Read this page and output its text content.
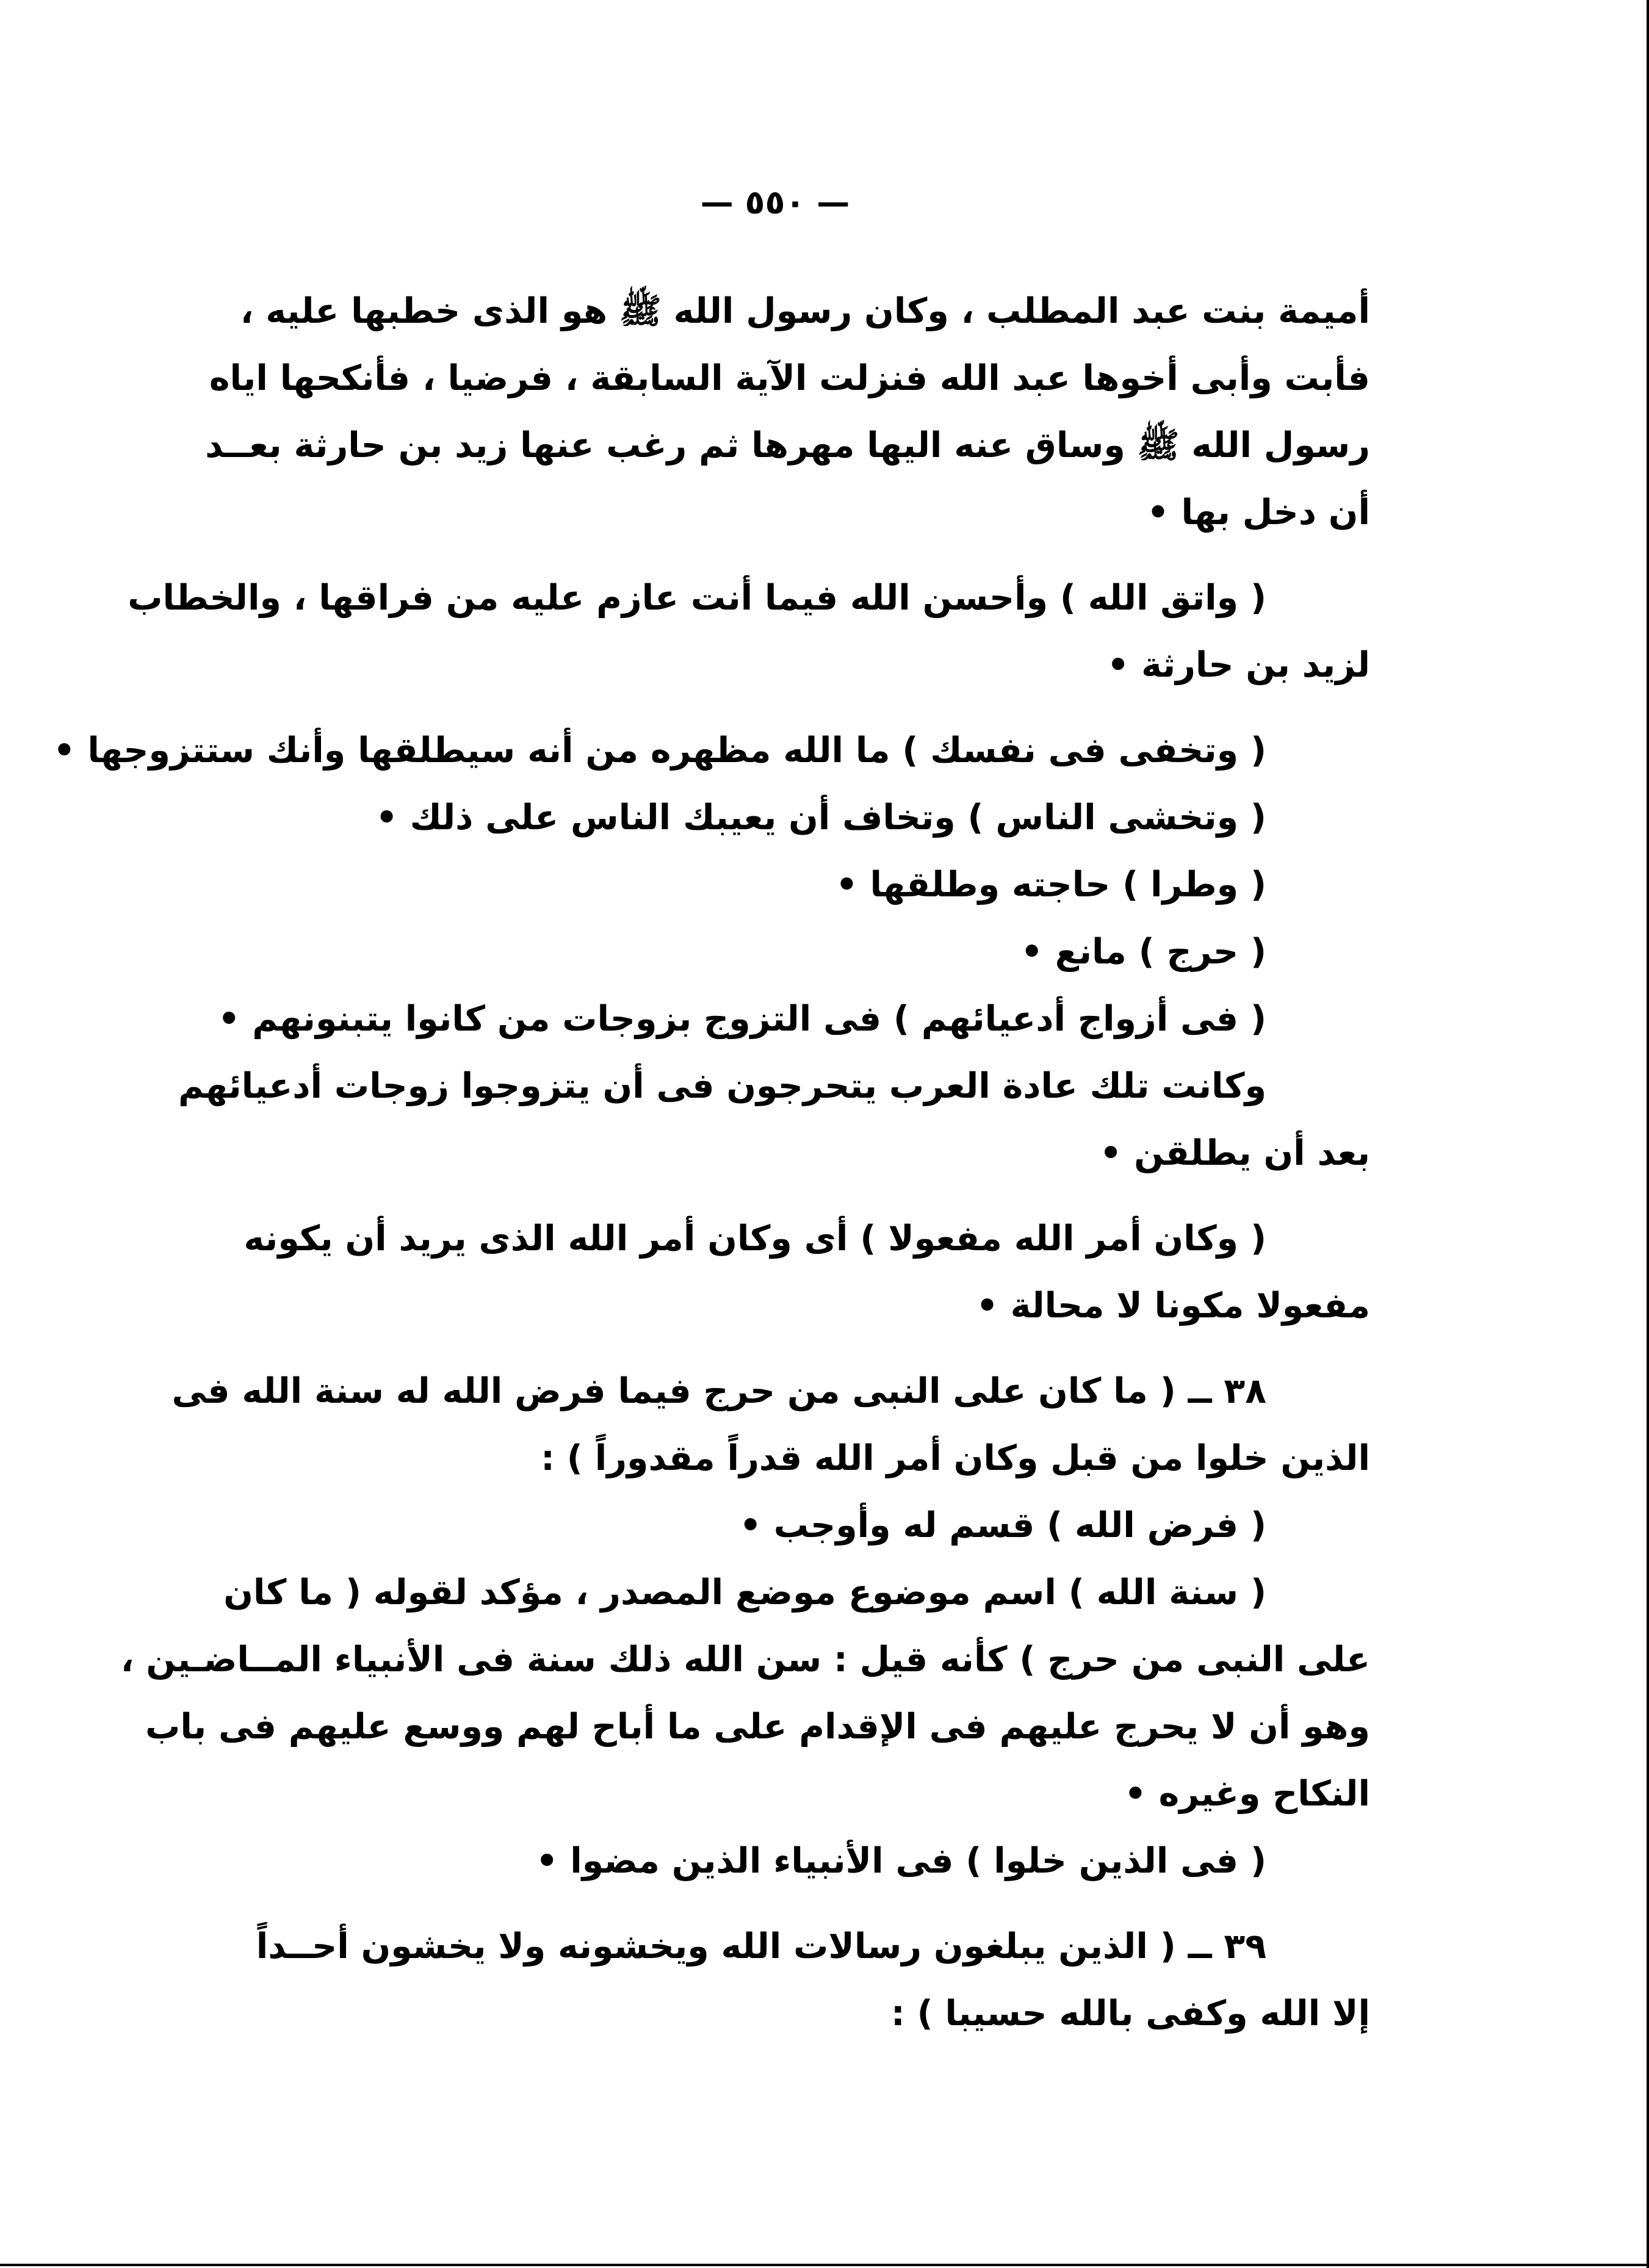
— ٥٥٠ —
أميمة بنت عبد المطلب ، وكان رسول الله ﷺ هو الذى خطبها عليه ،
فأبت وأبى أخوها عبد الله فنزلت الآية السابقة ، فرضيا ، فأنكحها اياه
رسول الله ﷺ وساق عنه اليها مهرها ثم رغب عنها زيد بن حارثة بعــد
أن دخل بها •
( واتق الله ) وأحسن الله فيما أنت عازم عليه من فراقها ، والخطاب
لزيد بن حارثة •
( وتخفى فى نفسك ) ما الله مظهره من أنه سيطلقها وأنك ستتزوجها •
( وتخشى الناس ) وتخاف أن يعيبك الناس على ذلك •
( وطرا ) حاجته وطلقها •
( حرج ) مانع •
( فى أزواج أدعيائهم ) فى التزوج بزوجات من كانوا يتبنونهم •
وكانت تلك عادة العرب يتحرجون فى أن يتزوجوا زوجات أدعيائهم
بعد أن يطلقن •
( وكان أمر الله مفعولا ) أى وكان أمر الله الذى يريد أن يكونه
مفعولا مكونا لا محالة •
٣٨ ــ ( ما كان على النبى من حرج فيما فرض الله له سنة الله فى
الذين خلوا من قبل وكان أمر الله قدراً مقدوراً ) :
( فرض الله ) قسم له وأوجب •
( سنة الله ) اسم موضوع موضع المصدر ، مؤكد لقوله ( ما كان
على النبى من حرج ) كأنه قيل : سن الله ذلك سنة فى الأنبياء المــاضـين ،
وهو أن لا يحرج عليهم فى الإقدام على ما أباح لهم ووسع عليهم فى باب
النكاح وغيره •
( فى الذين خلوا ) فى الأنبياء الذين مضوا •
٣٩ ــ ( الذين يبلغون رسالات الله ويخشونه ولا يخشون أحــداً
إلا الله وكفى بالله حسيبا ) :
